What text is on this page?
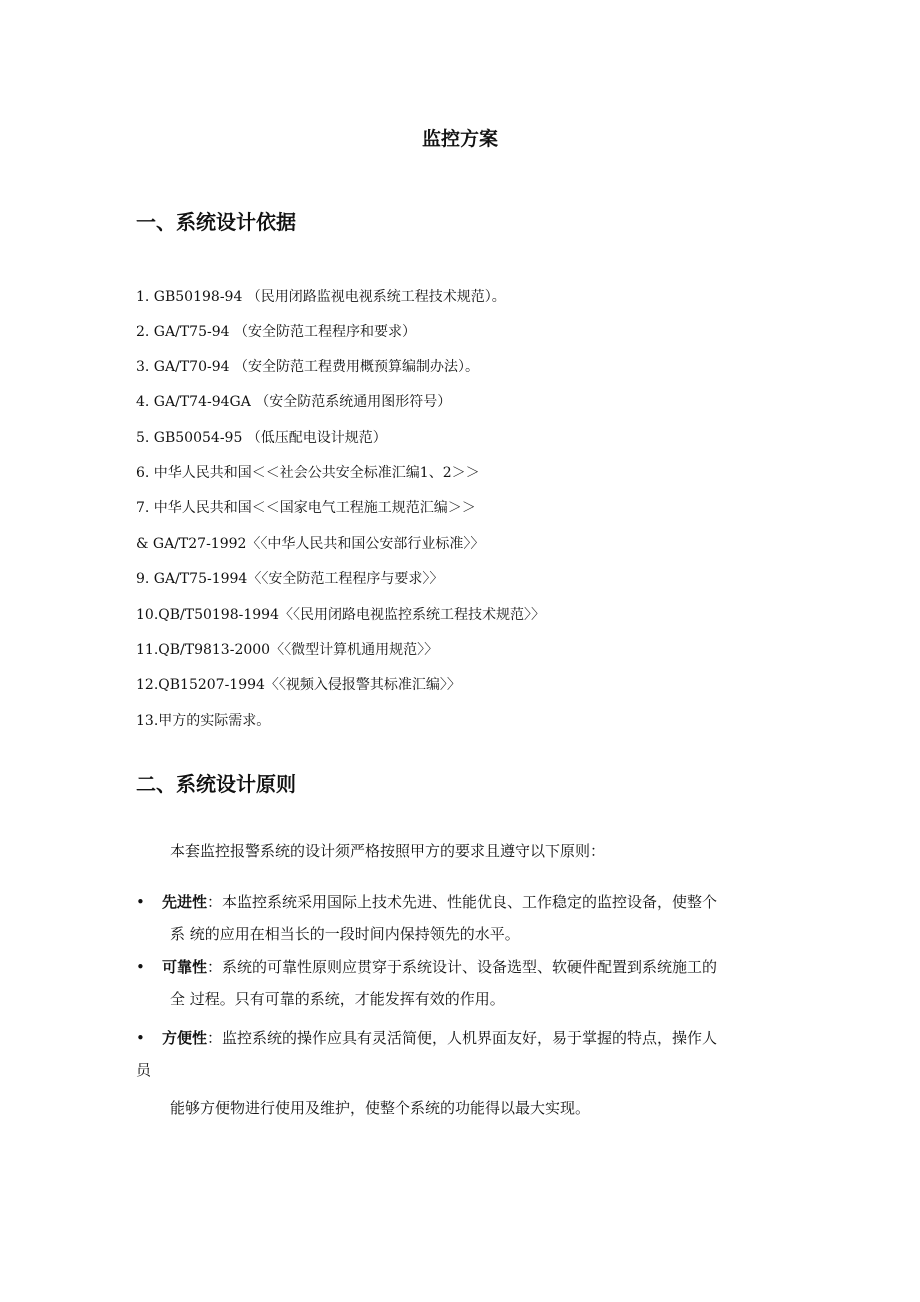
监控方案
一、系统设计依据
1. GB50198-94 （民用闭路监视电视系统工程技术规范）。
2. GA/T75-94 （安全防范工程程序和要求）
3. GA/T70-94 （安全防范工程费用概预算编制办法）。
4. GA/T74-94GA （安全防范系统通用图形符号）
5. GB50054-95 （低压配电设计规范）
6. 中华人民共和国＜＜社会公共安全标准汇编1、2＞＞
7. 中华人民共和国＜＜国家电气工程施工规范汇编＞＞
& GA/T27-1992〈〈中华人民共和国公安部行业标准〉〉
9. GA/T75-1994〈〈安全防范工程程序与要求〉〉
10.QB/T50198-1994〈〈民用闭路电视监控系统工程技术规范〉〉
11.QB/T9813-2000〈〈微型计算机通用规范〉〉
12.QB15207-1994〈〈视频入侵报警其标准汇编〉〉
13.甲方的实际需求。
二、系统设计原则
本套监控报警系统的设计须严格按照甲方的要求且遵守以下原则：
• 先进性：本监控系统采用国际上技术先进、性能优良、工作稳定的监控设备，使整个
系 统的应用在相当长的一段时间内保持领先的水平。
• 可靠性：系统的可靠性原则应贯穿于系统设计、设备选型、软硬件配置到系统施工的
全 过程。只有可靠的系统，才能发挥有效的作用。
• 方便性：监控系统的操作应具有灵活简便，人机界面友好，易于掌握的特点，操作人
员
能够方便物进行使用及维护，使整个系统的功能得以最大实现。
